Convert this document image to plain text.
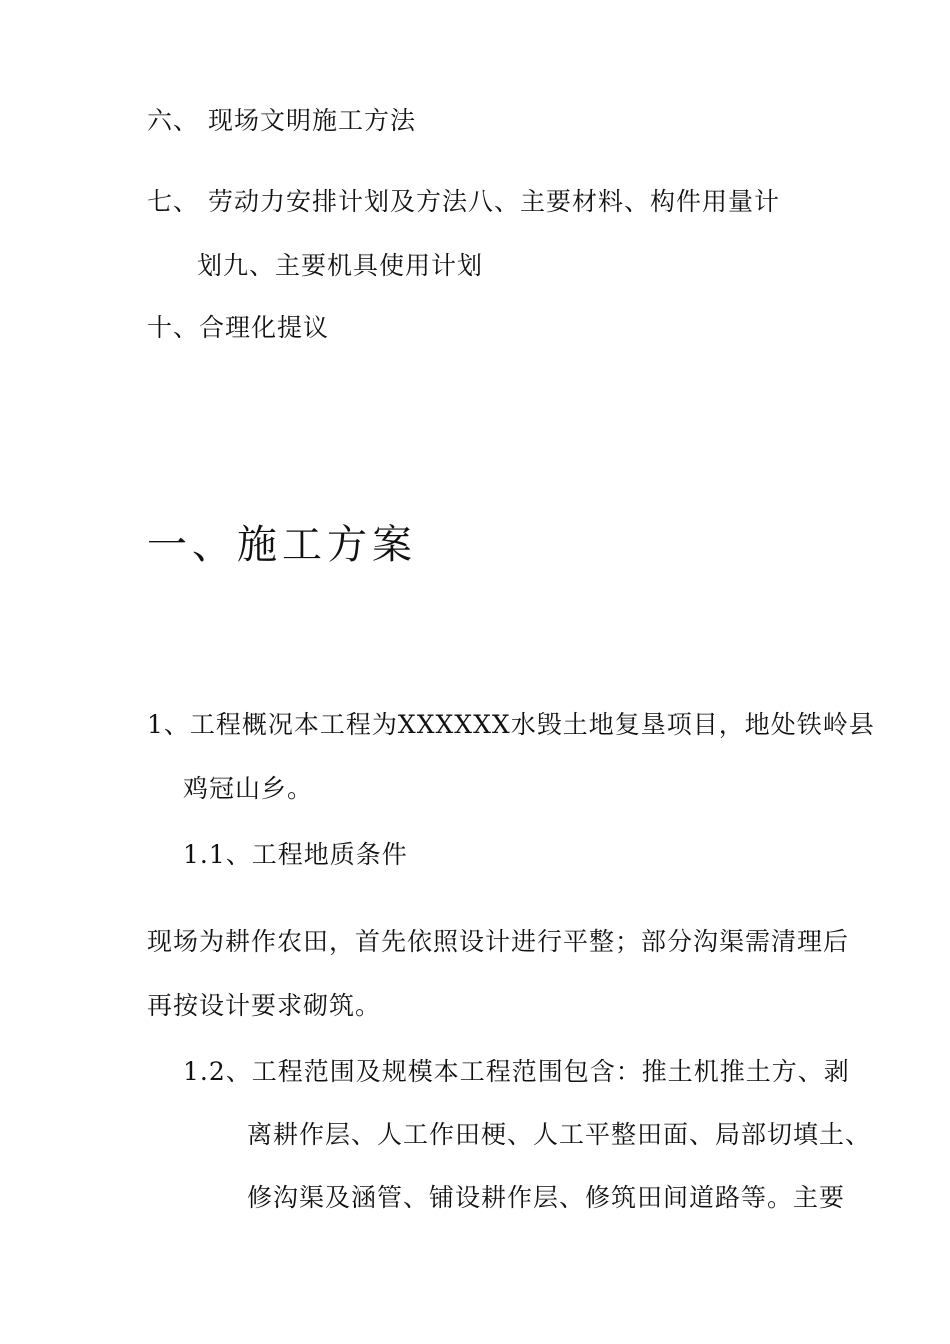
六、 现场文明施工方法
七、 劳动力安排计划及方法八、主要材料、构件用量计
划九、主要机具使用计划
十、合理化提议
一、施工方案
1、工程概况本工程为XXXXXX水毁土地复垦项目，地处铁岭县
鸡冠山乡。
1.1、工程地质条件
现场为耕作农田，首先依照设计进行平整；部分沟渠需清理后
再按设计要求砌筑。
1.2、工程范围及规模本工程范围包含：推土机推土方、剥
离耕作层、人工作田梗、人工平整田面、局部切填土、
修沟渠及涵管、铺设耕作层、修筑田间道路等。主要
